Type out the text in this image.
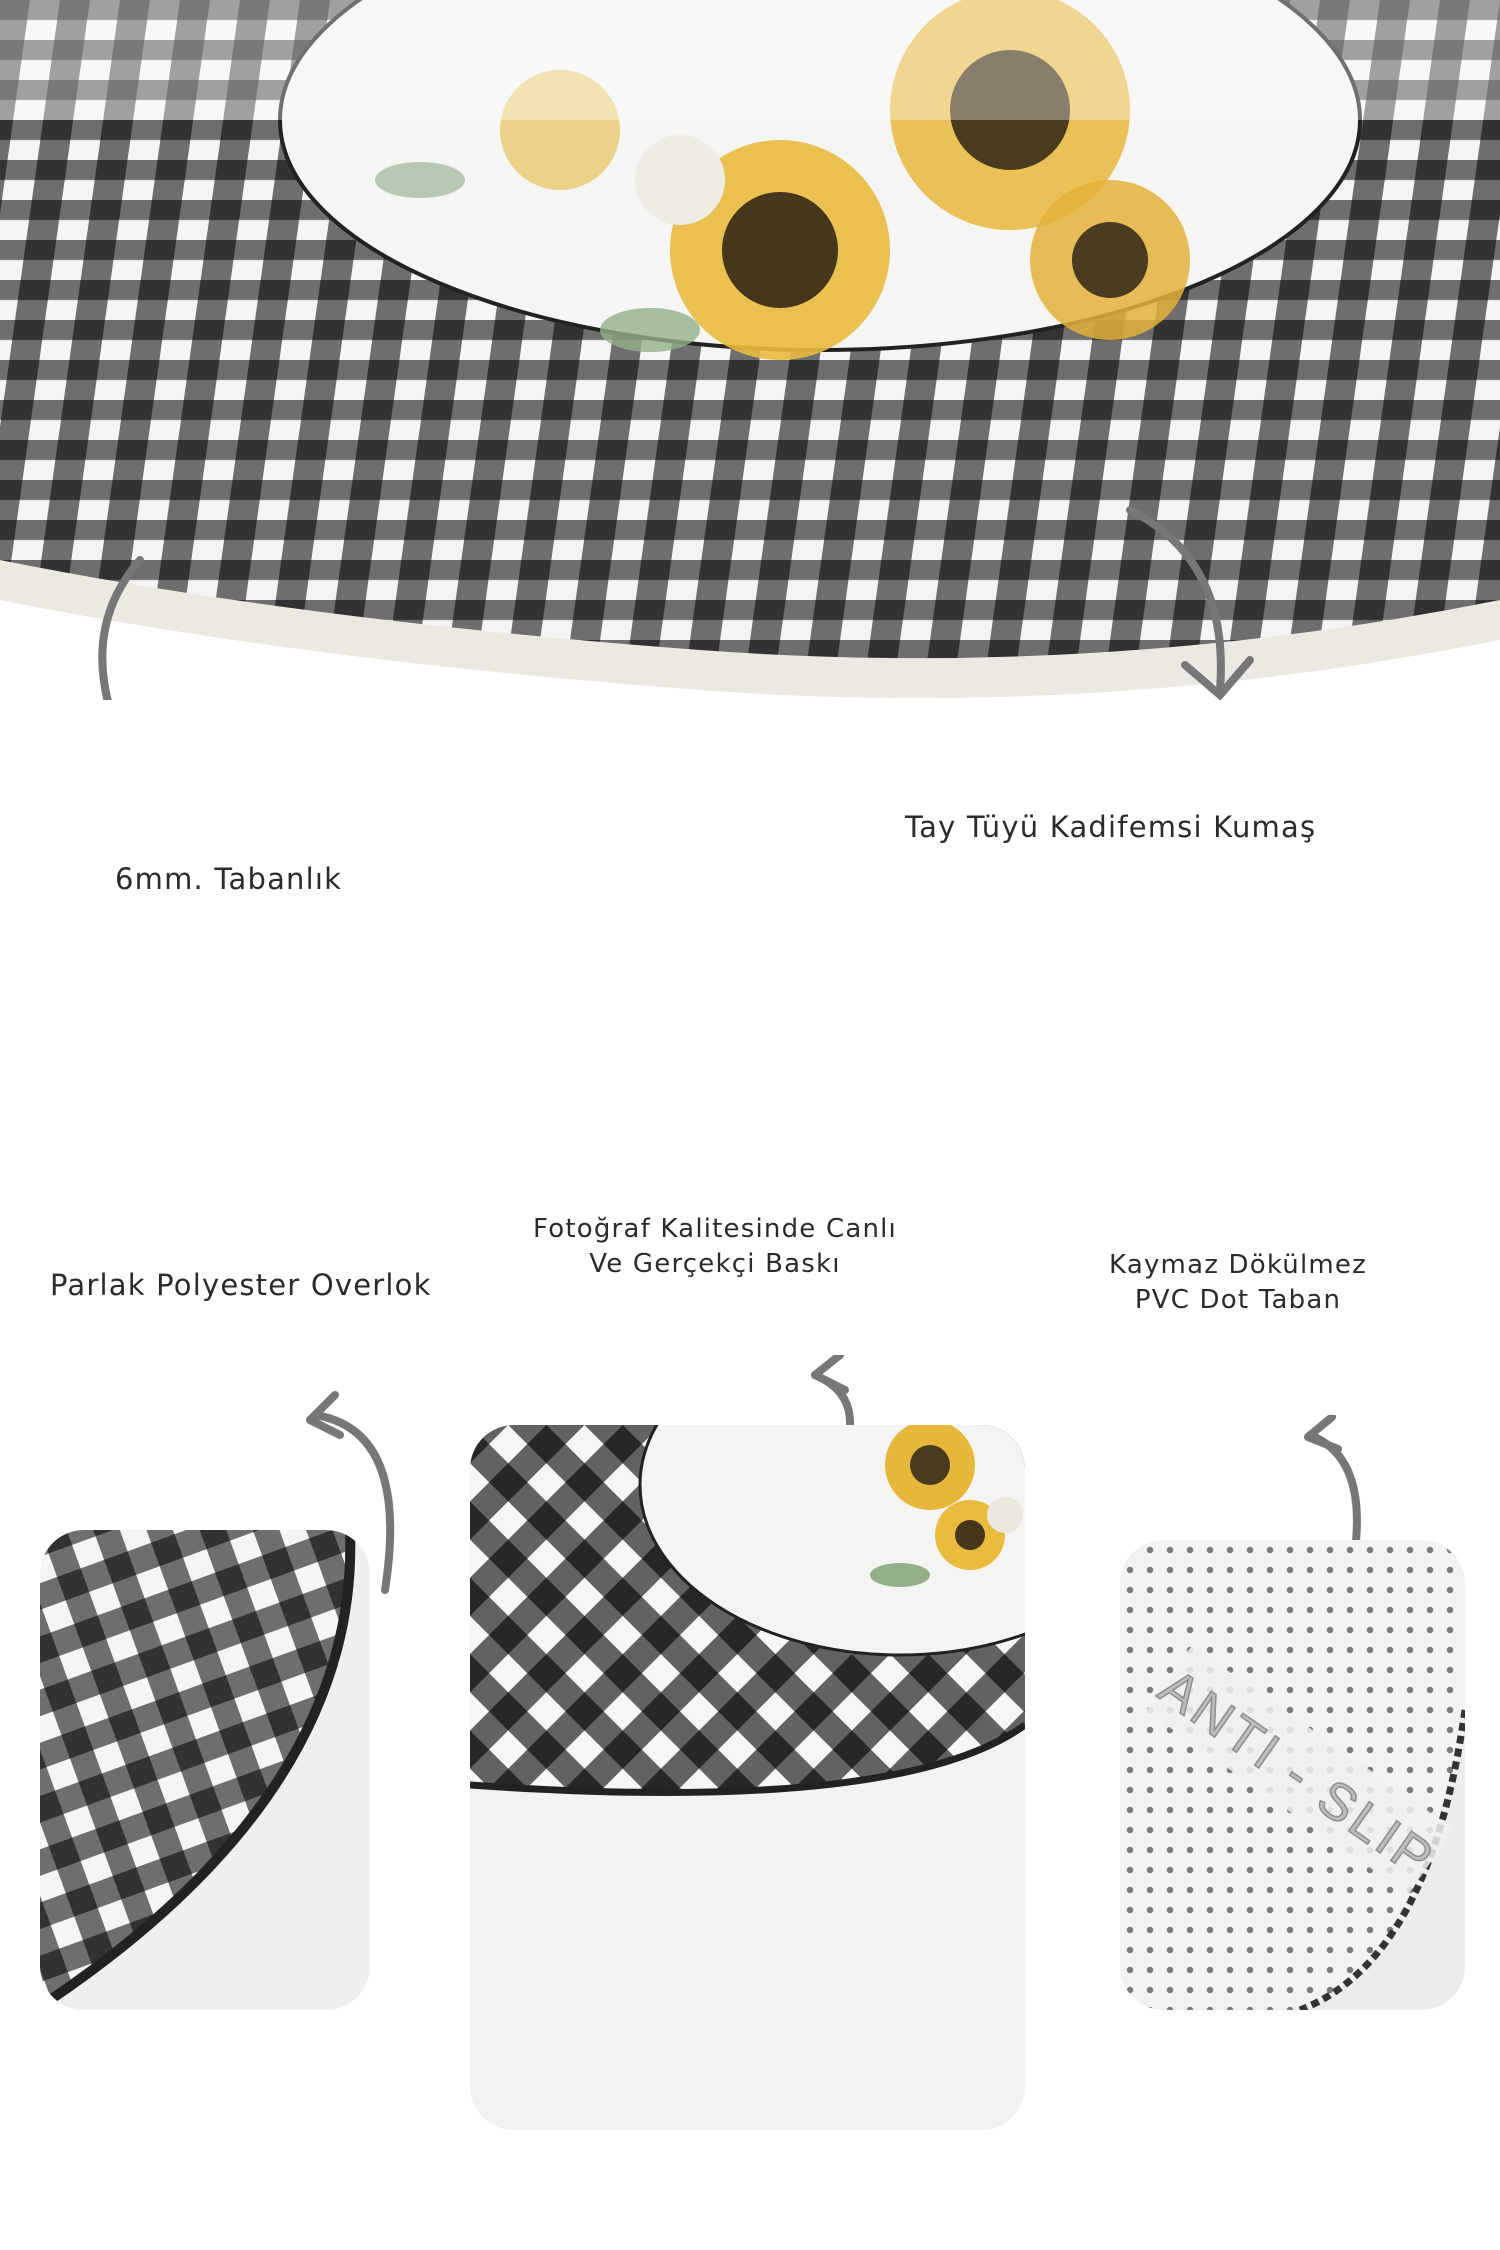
6mm. Tabanlık
Tay Tüyü Kadifemsi Kumaş
Parlak Polyester Overlok
Fotoğraf Kalitesinde Canlı
Ve Gerçekçi Baskı	Kaymaz Dökülmez
PVC Dot Taban
ANTI - SLIP
